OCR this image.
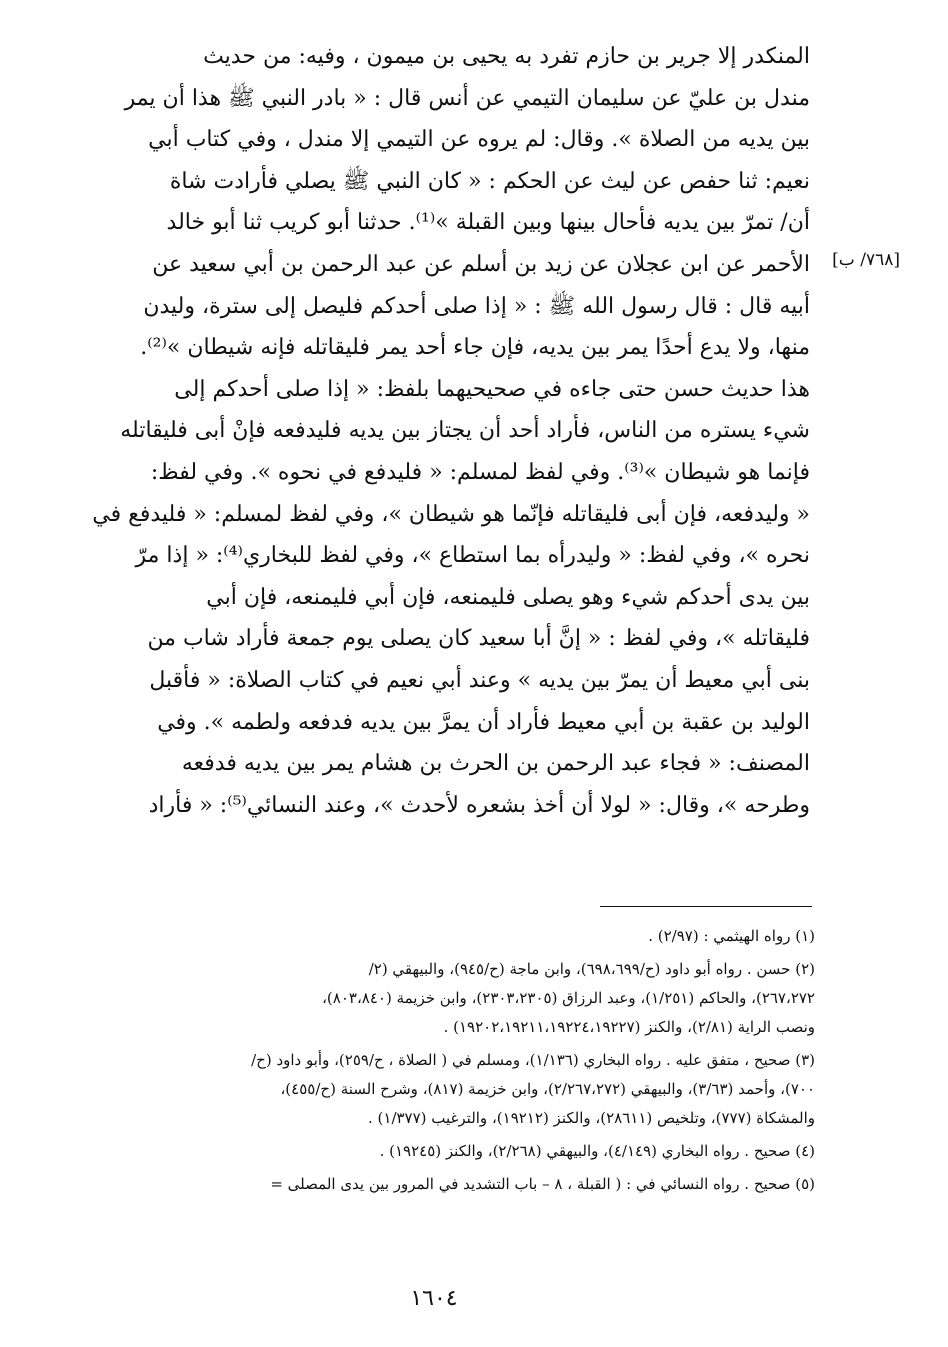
[٧٦٨/ ب]
المنكدر إلا جرير بن حازم تفرد به يحيى بن ميمون ، وفيه: من حديث
مندل بن عليّ عن سليمان التيمي عن أنس قال : « بادر النبي ﷺ هذا أن يمر
بين يديه من الصلاة ». وقال: لم يروه عن التيمي إلا مندل ، وفي كتاب أبي
نعيم: ثنا حفص عن ليث عن الحكم : « كان النبي ﷺ يصلي فأرادت شاة
أن/ تمرّ بين يديه فأحال بينها وبين القبلة »⁽¹⁾. حدثنا أبو كريب ثنا أبو خالد
الأحمر عن ابن عجلان عن زيد بن أسلم عن عبد الرحمن بن أبي سعيد عن
أبيه قال : قال رسول الله ﷺ : « إذا صلى أحدكم فليصل إلى سترة، وليدن
منها، ولا يدع أحدًا يمر بين يديه، فإن جاء أحد يمر فليقاتله فإنه شيطان »⁽²⁾.
هذا حديث حسن حتى جاءه في صحيحيهما بلفظ: « إذا صلى أحدكم إلى
شيء يستره من الناس، فأراد أحد أن يجتاز بين يديه فليدفعه فإنْ أبى فليقاتله
فإنما هو شيطان »⁽³⁾. وفي لفظ لمسلم: « فليدفع في نحوه ». وفي لفظ:
« وليدفعه، فإن أبى فليقاتله فإنّما هو شيطان »، وفي لفظ لمسلم: « فليدفع في
نحره »، وفي لفظ: « وليدرأه بما استطاع »، وفي لفظ للبخاري⁽⁴⁾: « إذا مرّ
بين يدى أحدكم شيء وهو يصلى فليمنعه، فإن أبي فليمنعه، فإن أبي
فليقاتله »، وفي لفظ : « إنَّ أبا سعيد كان يصلى يوم جمعة فأراد شاب من
بنى أبي معيط أن يمرّ بين يديه » وعند أبي نعيم في كتاب الصلاة: « فأقبل
الوليد بن عقبة بن أبي معيط فأراد أن يمرَّ بين يديه فدفعه ولطمه ». وفي
المصنف: « فجاء عبد الرحمن بن الحرث بن هشام يمر بين يديه فدفعه
وطرحه »، وقال: « لولا أن أخذ بشعره لأحدث »، وعند النسائي⁽⁵⁾: « فأراد
(١) رواه الهيثمي : (٢/٩٧) .
(٢) حسن . رواه أبو داود (ح/٦٩٨،٦٩٩)، وابن ماجة (ح/٩٤٥)، والبيهقي (٢/
٢٦٧،٢٧٢)، والحاكم (١/٢٥١)، وعبد الرزاق (٢٣٠٣،٢٣٠٥)، وابن خزيمة (٨٠٣،٨٤٠)،
ونصب الراية (٢/٨١)، والكنز (١٩٢٠٢،١٩٢١١،١٩٢٢٤،١٩٢٢٧) .
(٣) صحيح ، متفق عليه . رواه البخاري (١/١٣٦)، ومسلم في ( الصلاة ، ح/٢٥٩)، وأبو داود (ح/
٧٠٠)، وأحمد (٣/٦٣)، والبيهقي (٢/٢٦٧،٢٧٢)، وابن خزيمة (٨١٧)، وشرح السنة (ح/٤٥٥)،
والمشكاة (٧٧٧)، وتلخيص (٢٨٦١١)، والكنز (١٩٢١٢)، والترغيب (١/٣٧٧) .
(٤) صحيح . رواه البخاري (٤/١٤٩)، والبيهقي (٢/٢٦٨)، والكنز (١٩٢٤٥) .
(٥) صحيح . رواه النسائي في : ( القبلة ، ٨ – باب التشديد في المرور بين يدى المصلى =
١٦٠٤
